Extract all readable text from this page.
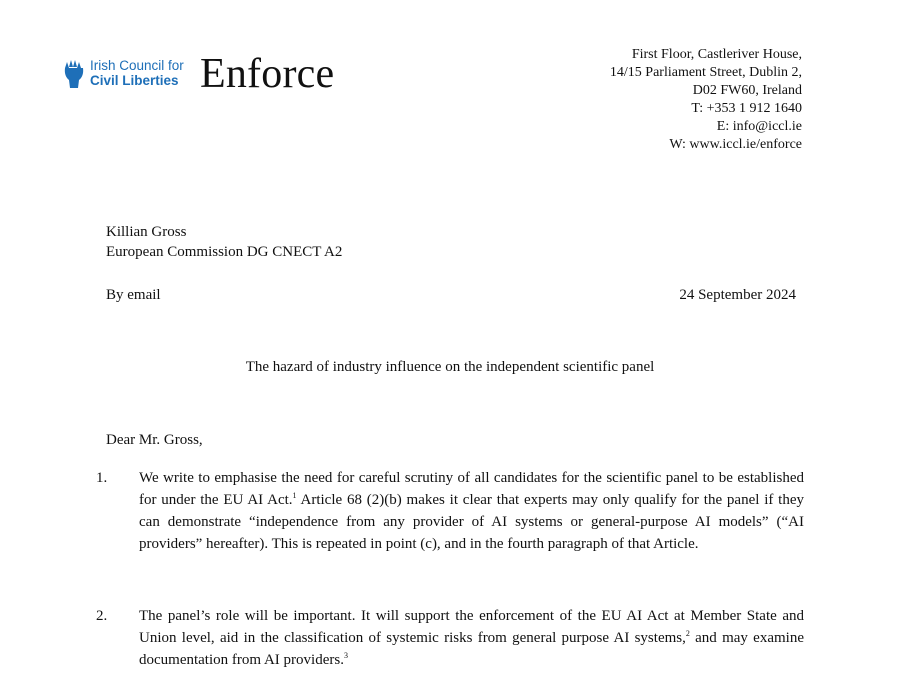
Irish Council for
Civil Liberties Enforce	First Floor, Castleriver House,
14/15 Parliament Street, Dublin 2,
D02 FW60, Ireland
T: +353 1 912 1640
E: info@iccl.ie
W: www.iccl.ie/enforce
Killian Gross
European Commission DG CNECT A2
By email	24 September 2024
The hazard of industry influence on the independent scientific panel
Dear Mr. Gross,
1. We write to emphasise the need for careful scrutiny of all candidates for the scientific panel to be established for under the EU AI Act.$^1$ Article 68 (2)(b) makes it clear that experts may only qualify for the panel if they can demonstrate “independence from any provider of AI systems or general-purpose AI models” (“AI providers” hereafter). This is repeated in point (c), and in the fourth paragraph of that Article.
2. The panel’s role will be important. It will support the enforcement of the EU AI Act at Member State and Union level, aid in the classification of systemic risks from general purpose AI systems,$^2$ and may examine documentation from AI providers.$^3$
